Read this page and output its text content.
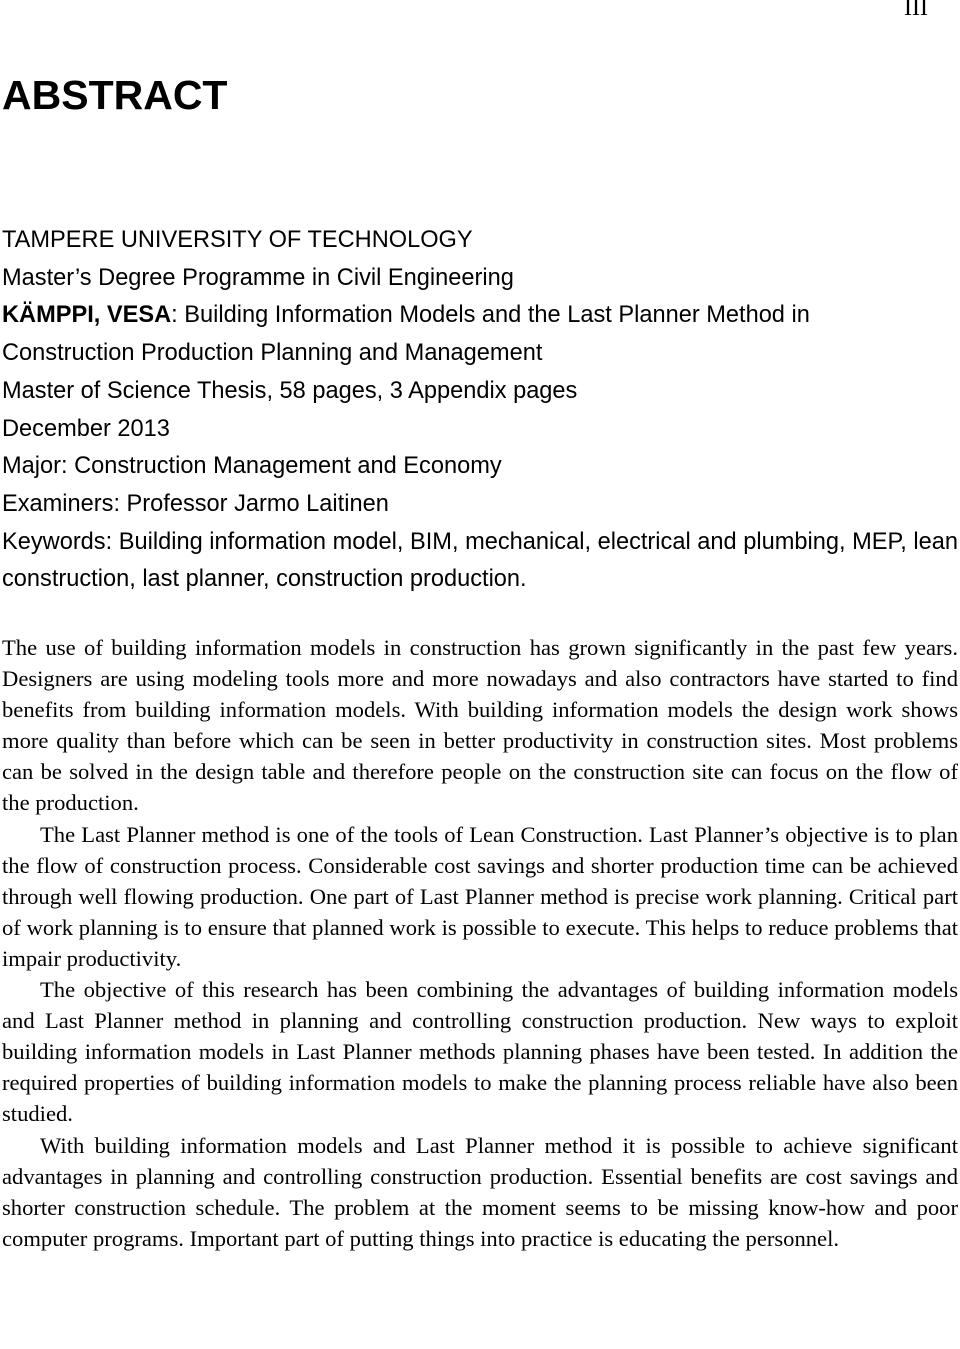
III
ABSTRACT
TAMPERE UNIVERSITY OF TECHNOLOGY
Master’s Degree Programme in Civil Engineering
KÄMPPI, VESA: Building Information Models and the Last Planner Method in
Construction Production Planning and Management
Master of Science Thesis, 58 pages, 3 Appendix pages
December 2013
Major: Construction Management and Economy
Examiners: Professor Jarmo Laitinen
Keywords: Building information model, BIM, mechanical, electrical and plumbing, MEP, lean construction, last planner, construction production.

The use of building information models in construction has grown significantly in the past few years. Designers are using modeling tools more and more nowadays and also contractors have started to find benefits from building information models. With building information models the design work shows more quality than before which can be seen in better productivity in construction sites. Most problems can be solved in the design table and therefore people on the construction site can focus on the flow of the production.

The Last Planner method is one of the tools of Lean Construction. Last Planner’s objective is to plan the flow of construction process. Considerable cost savings and shorter production time can be achieved through well flowing production. One part of Last Planner method is precise work planning. Critical part of work planning is to ensure that planned work is possible to execute. This helps to reduce problems that impair productivity.

The objective of this research has been combining the advantages of building information models and Last Planner method in planning and controlling construction production. New ways to exploit building information models in Last Planner methods planning phases have been tested. In addition the required properties of building information models to make the planning process reliable have also been studied.

With building information models and Last Planner method it is possible to achieve significant advantages in planning and controlling construction production. Essential benefits are cost savings and shorter construction schedule. The problem at the moment seems to be missing know-how and poor computer programs. Important part of putting things into practice is educating the personnel.
